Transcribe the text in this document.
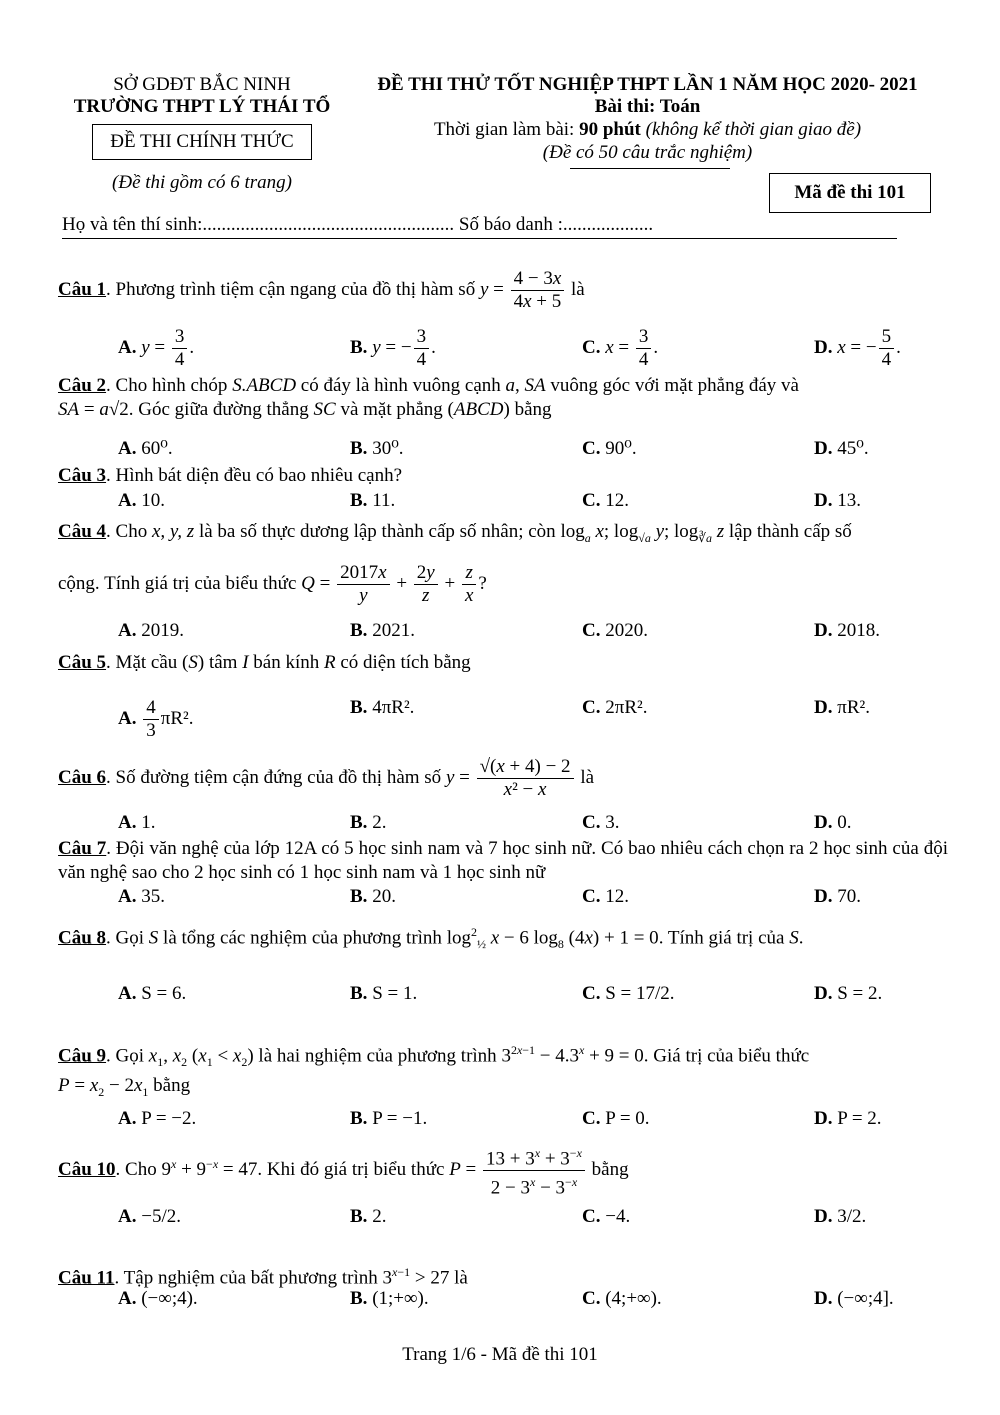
SỞ GDĐT BẮC NINH
TRƯỜNG THPT LÝ THÁI TỔ
ĐỀ THI CHÍNH THỨC
(Đề thi gồm có 6 trang)
ĐỀ THI THỬ TỐT NGHIỆP THPT LẦN 1 NĂM HỌC 2020- 2021
Bài thi: Toán
Thời gian làm bài: 90 phút (không kể thời gian giao đề)
(Đề có 50 câu trắc nghiệm)
Mã đề thi 101
Họ và tên thí sinh:..................................................... Số báo danh :...................
Câu 1. Phương trình tiệm cận ngang của đồ thị hàm số $y = \frac{4 - 3x}{4x + 5}$ là
A. $y = \frac{3}{4}$ .	B. y = − $\frac{3}{4}$ .	C. $x = \frac{3}{4}$ .	D. x = − $\frac{5}{4}$ .
Câu 2. Cho hình chóp S.ABCD có đáy là hình vuông cạnh a, SA vuông góc với mặt phẳng đáy và
SA = a√2. Góc giữa đường thẳng SC và mặt phẳng (ABCD) bằng
A. 60⁰.	B. 30⁰.	C. 90⁰.	D. 45⁰.
Câu 3. Hình bát diện đều có bao nhiêu cạnh?
A. 10.	B. 11.	C. 12.	D. 13.
Câu 4. Cho x, y, z là ba số thực dương lập thành cấp số nhân; còn $\log_a x$; $\log_{√a} y$; $\log_{∛a} z$ lập thành cấp số
cộng. Tính giá trị của biểu thức $Q = \frac{2017x}{y} + \frac{2y}{z} + \frac{z}{x}$ ?
A. 2019.	B. 2021.	C. 2020.	D. 2018.
Câu 5. Mặt cầu (S) tâm I bán kính R có diện tích bằng
A. $\frac{4}{3} \pi R^2$.
B. 4πR².	C. 2πR².	D. πR².
Câu 6. Số đường tiệm cận đứng của đồ thị hàm số $y = \frac{√(x + 4) - 2}{\text{x² − x}}$ là
A. 1.	B. 2.	C. 3.	D. 0.
Câu 7. Đội văn nghệ của lớp 12A có 5 học sinh nam và 7 học sinh nữ. Có bao nhiêu cách chọn ra 2 học sinh của đội văn nghệ sao cho 2 học sinh có 1 học sinh nam và 1 học sinh nữ
A. 35.	B. 20.	C. 12.	D. 70.
Câu 8. Gọi S là tổng các nghiệm của phương trình $\log^2_{\frac{1}{2}} x - 6$ $\log_8 (4x) + 1 = 0$. Tính giá trị của S.
A. S = 6.	B. S = 1.	C. S = 17/2.	D. S = 2.
Câu 9. Gọi $x_1$, $x_2$ $(x_1 < x_2)$ là hai nghiệm của phương trình $3^{2x-1} - 4.3^x + 9 = 0$. Giá trị của biểu thức
$P = x_2 - 2x_1$ bằng
A. P = −2.	B. P = −1.	C. P = 0.	D. P = 2.
Câu 10. Cho $9^x + 9^{-x} = 47$. Khi đó giá trị biểu thức $P = \frac{13 + 3^x + 3^{-x}}{2 - 3^x - 3^{-x}}$ bằng
A. −5/2.	B. 2.	C. −4.	D. 3/2.
Câu 11. Tập nghiệm của bất phương trình $3^{x-1} > 27$ là
A. (−∞;4).	B. (1;+∞).	C. (4;+∞).	D. (−∞;4].
Trang 1/6 - Mã đề thi 101
